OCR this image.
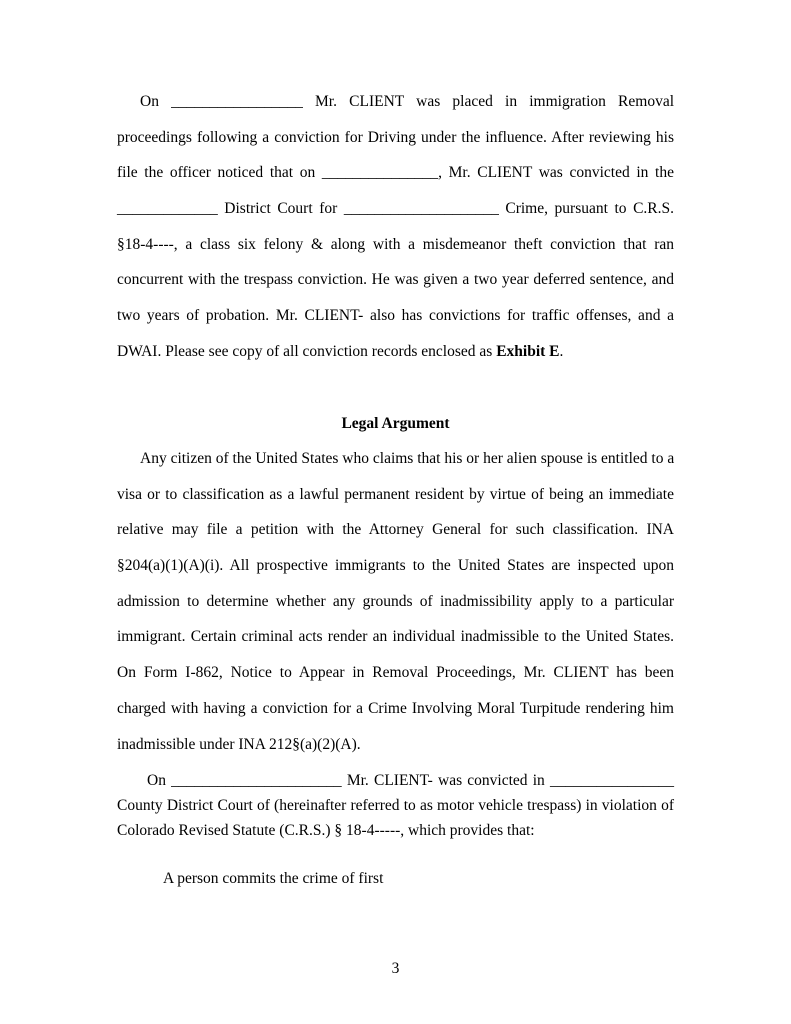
On _________________ Mr. CLIENT was placed in immigration Removal
proceedings following a conviction for Driving under the influence. After reviewing his
file the officer noticed that on _______________, Mr. CLIENT was convicted in the
_____________ District Court for ____________________ Crime, pursuant to C.R.S.
§18-4----, a class six felony & along with a misdemeanor theft conviction that ran
concurrent with the trespass conviction. He was given a two year deferred sentence, and
two years of probation. Mr. CLIENT- also has convictions for traffic offenses, and a
DWAI. Please see copy of all conviction records enclosed as Exhibit E.

Legal Argument

Any citizen of the United States who claims that his or her alien spouse is entitled to a
visa or to classification as a lawful permanent resident by virtue of being an immediate
relative may file a petition with the Attorney General for such classification. INA
§204(a)(1)(A)(i). All prospective immigrants to the United States are inspected upon
admission to determine whether any grounds of inadmissibility apply to a particular
immigrant. Certain criminal acts render an individual inadmissible to the United States.
On Form I-862, Notice to Appear in Removal Proceedings, Mr. CLIENT has been
charged with having a conviction for a Crime Involving Moral Turpitude rendering him
inadmissible under INA 212§(a)(2)(A).

On ______________________ Mr. CLIENT- was convicted in ________________
County District Court of (hereinafter referred to as motor vehicle trespass) in violation of
Colorado Revised Statute (C.R.S.) § 18-4-----, which provides that:

A person commits the crime of first

3
